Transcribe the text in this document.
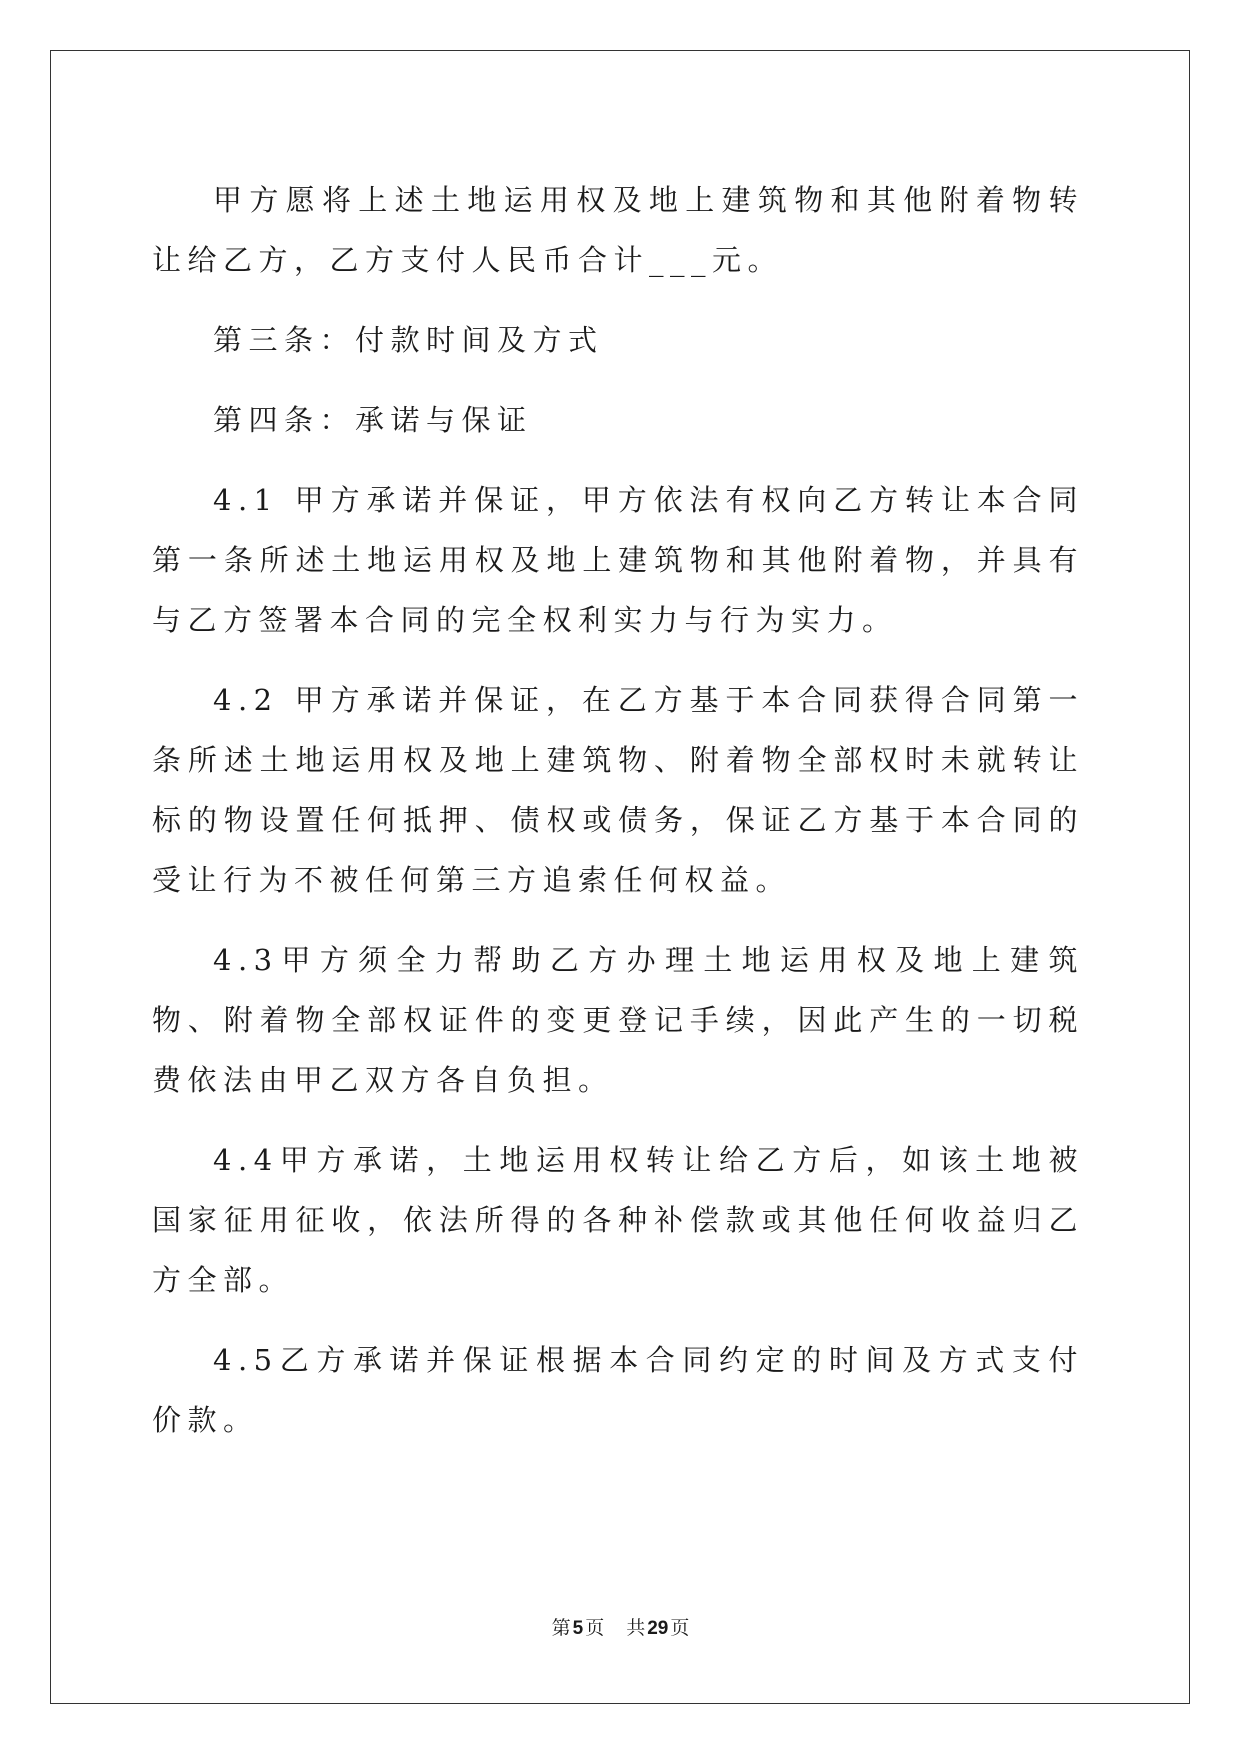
甲方愿将上述土地运用权及地上建筑物和其他附着物转让给乙方，乙方支付人民币合计___元。

第三条：付款时间及方式

第四条：承诺与保证

4.1 甲方承诺并保证，甲方依法有权向乙方转让本合同第一条所述土地运用权及地上建筑物和其他附着物，并具有与乙方签署本合同的完全权利实力与行为实力。

4.2 甲方承诺并保证，在乙方基于本合同获得合同第一条所述土地运用权及地上建筑物、附着物全部权时未就转让标的物设置任何抵押、债权或债务，保证乙方基于本合同的受让行为不被任何第三方追索任何权益。

4.3甲方须全力帮助乙方办理土地运用权及地上建筑物、附着物全部权证件的变更登记手续，因此产生的一切税费依法由甲乙双方各自负担。

4.4甲方承诺，土地运用权转让给乙方后，如该土地被国家征用征收，依法所得的各种补偿款或其他任何收益归乙方全部。

4.5乙方承诺并保证根据本合同约定的时间及方式支付价款。

第 5 页 共 29 页
